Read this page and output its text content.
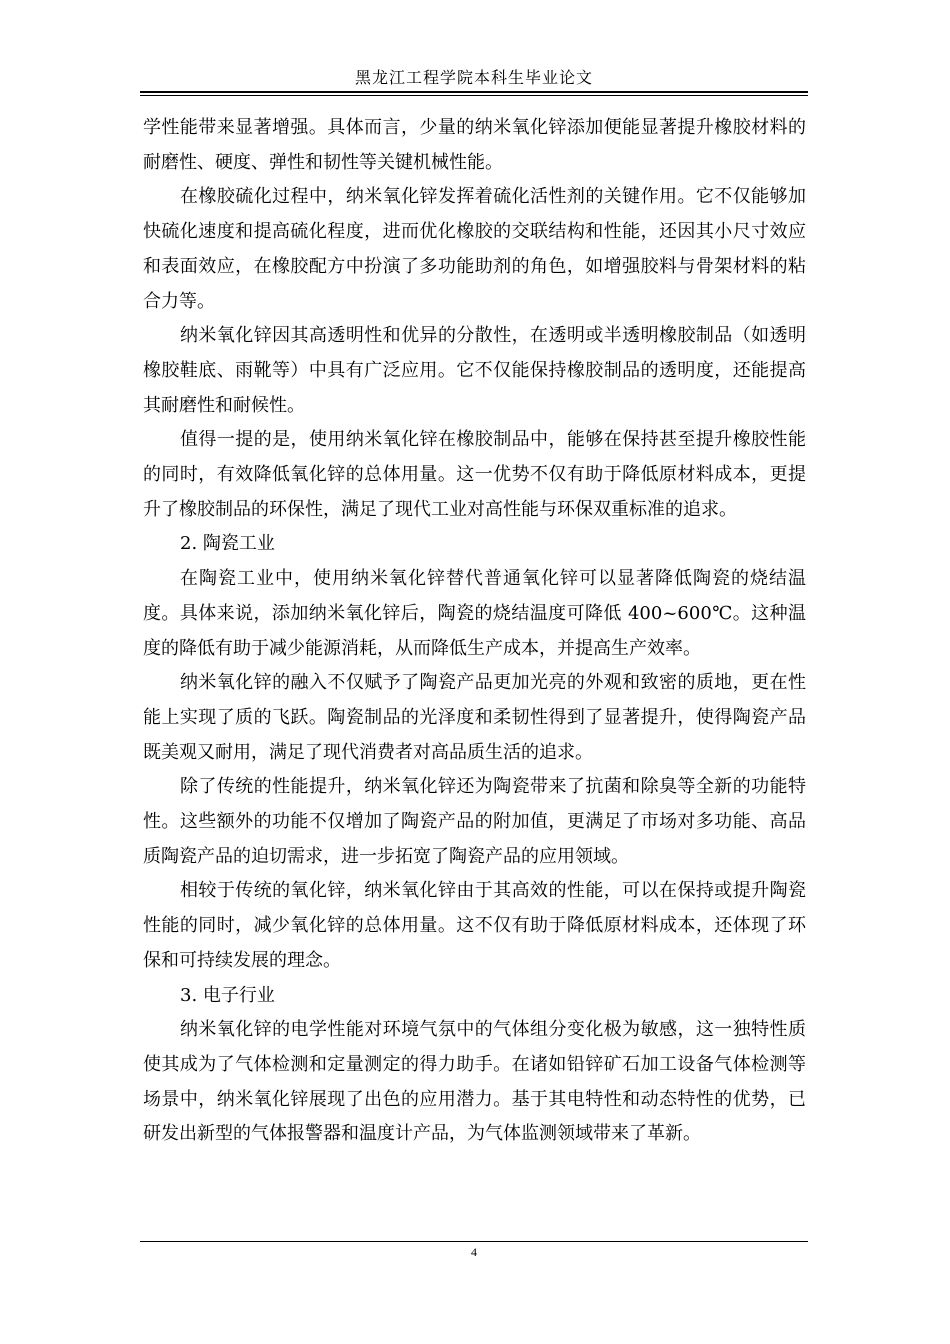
黑龙江工程学院本科生毕业论文

学性能带来显著增强。具体而言，少量的纳米氧化锌添加便能显著提升橡胶材料的耐磨性、硬度、弹性和韧性等关键机械性能。

在橡胶硫化过程中，纳米氧化锌发挥着硫化活性剂的关键作用。它不仅能够加快硫化速度和提高硫化程度，进而优化橡胶的交联结构和性能，还因其小尺寸效应和表面效应，在橡胶配方中扮演了多功能助剂的角色，如增强胶料与骨架材料的粘合力等。

纳米氧化锌因其高透明性和优异的分散性，在透明或半透明橡胶制品（如透明橡胶鞋底、雨靴等）中具有广泛应用。它不仅能保持橡胶制品的透明度，还能提高其耐磨性和耐候性。

值得一提的是，使用纳米氧化锌在橡胶制品中，能够在保持甚至提升橡胶性能的同时，有效降低氧化锌的总体用量。这一优势不仅有助于降低原材料成本，更提升了橡胶制品的环保性，满足了现代工业对高性能与环保双重标准的追求。

2. 陶瓷工业

在陶瓷工业中，使用纳米氧化锌替代普通氧化锌可以显著降低陶瓷的烧结温度。具体来说，添加纳米氧化锌后，陶瓷的烧结温度可降低 400~600℃。这种温度的降低有助于减少能源消耗，从而降低生产成本，并提高生产效率。

纳米氧化锌的融入不仅赋予了陶瓷产品更加光亮的外观和致密的质地，更在性能上实现了质的飞跃。陶瓷制品的光泽度和柔韧性得到了显著提升，使得陶瓷产品既美观又耐用，满足了现代消费者对高品质生活的追求。

除了传统的性能提升，纳米氧化锌还为陶瓷带来了抗菌和除臭等全新的功能特性。这些额外的功能不仅增加了陶瓷产品的附加值，更满足了市场对多功能、高品质陶瓷产品的迫切需求，进一步拓宽了陶瓷产品的应用领域。

相较于传统的氧化锌，纳米氧化锌由于其高效的性能，可以在保持或提升陶瓷性能的同时，减少氧化锌的总体用量。这不仅有助于降低原材料成本，还体现了环保和可持续发展的理念。

3. 电子行业

纳米氧化锌的电学性能对环境气氛中的气体组分变化极为敏感，这一独特性质使其成为了气体检测和定量测定的得力助手。在诸如铅锌矿石加工设备气体检测等场景中，纳米氧化锌展现了出色的应用潜力。基于其电特性和动态特性的优势，已研发出新型的气体报警器和温度计产品，为气体监测领域带来了革新。

4
